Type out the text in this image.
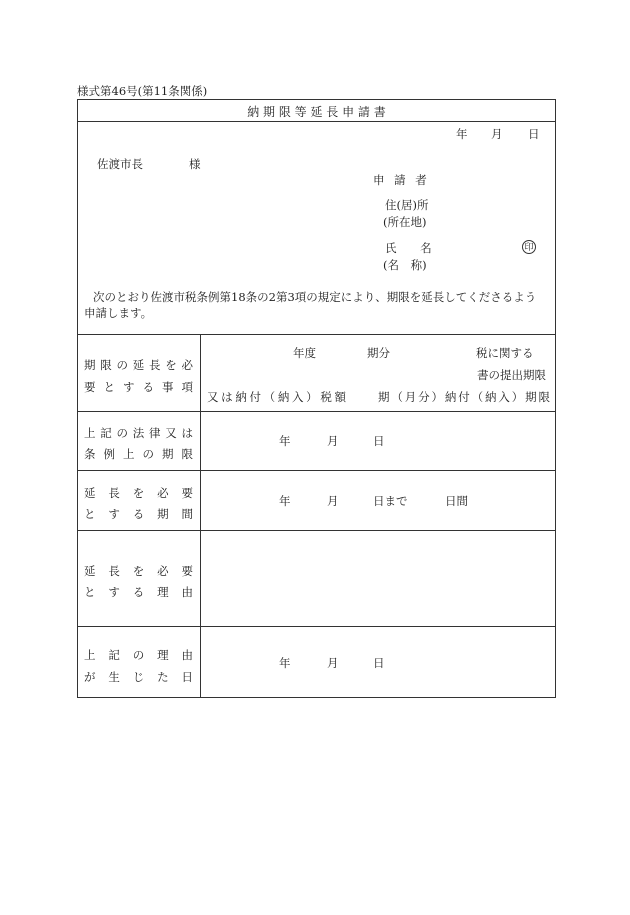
様式第46号(第11条関係)
納 期 限 等 延 長 申 請 書
年 月 日
佐渡市長	様
申 請 者
住(居)所
(所在地)
氏 名
(名 称)
印
次のとおり佐渡市税条例第18条の2第3項の規定により、期限を延長してくださるよう
申請します。
期限の延長を必
要とする事項
年度	期分	税に関する
書の提出期限
又は納付（納入）税額	期（月分）納付（納入）期限
上記の法律又は
条例上の期限
年	月	日
延長を必要
とする期間
年	月	日まで	日間
延長を必要
とする理由
上記の理由
が生じた日
年	月	日
